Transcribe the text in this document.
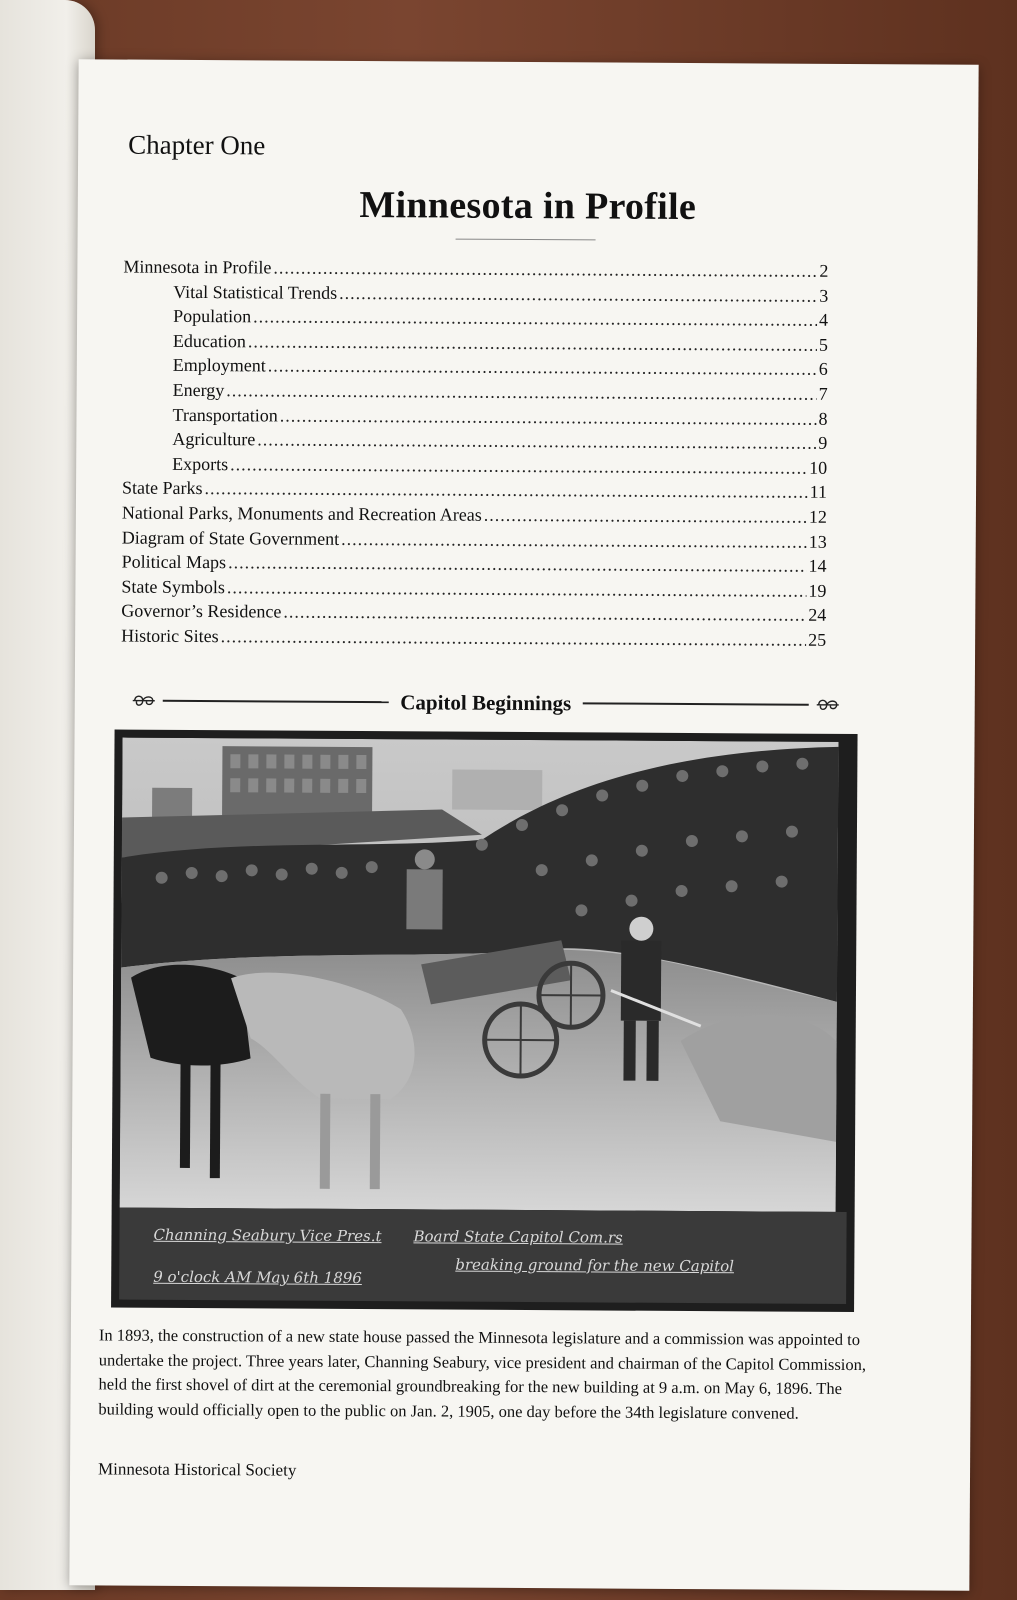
Chapter One
Minnesota in Profile
Minnesota in Profile .....	2
Vital Statistical Trends .....	3
Population .....	4
Education .....	5
Employment .....	6
Energy .....	7
Transportation .....	8
Agriculture .....	9
Exports .....	10
State Parks .....	11
National Parks, Monuments and Recreation Areas .....	12
Diagram of State Government .....	13
Political Maps .....	14
State Symbols .....	19
Governor’s Residence .....	24
Historic Sites .....	25
Capitol Beginnings
Channing Seabury Vice Pres.t Board State Capitol Com.rs
breaking ground for the new Capitol
9 o'clock AM May 6th 1896
In 1893, the construction of a new state house passed the Minnesota legislature and a commission was appointed to undertake the project. Three years later, Channing Seabury, vice president and chairman of the Capitol Commission, held the first shovel of dirt at the ceremonial groundbreaking for the new building at 9 a.m. on May 6, 1896. The building would officially open to the public on Jan. 2, 1905, one day before the 34th legislature convened.
Minnesota Historical Society
